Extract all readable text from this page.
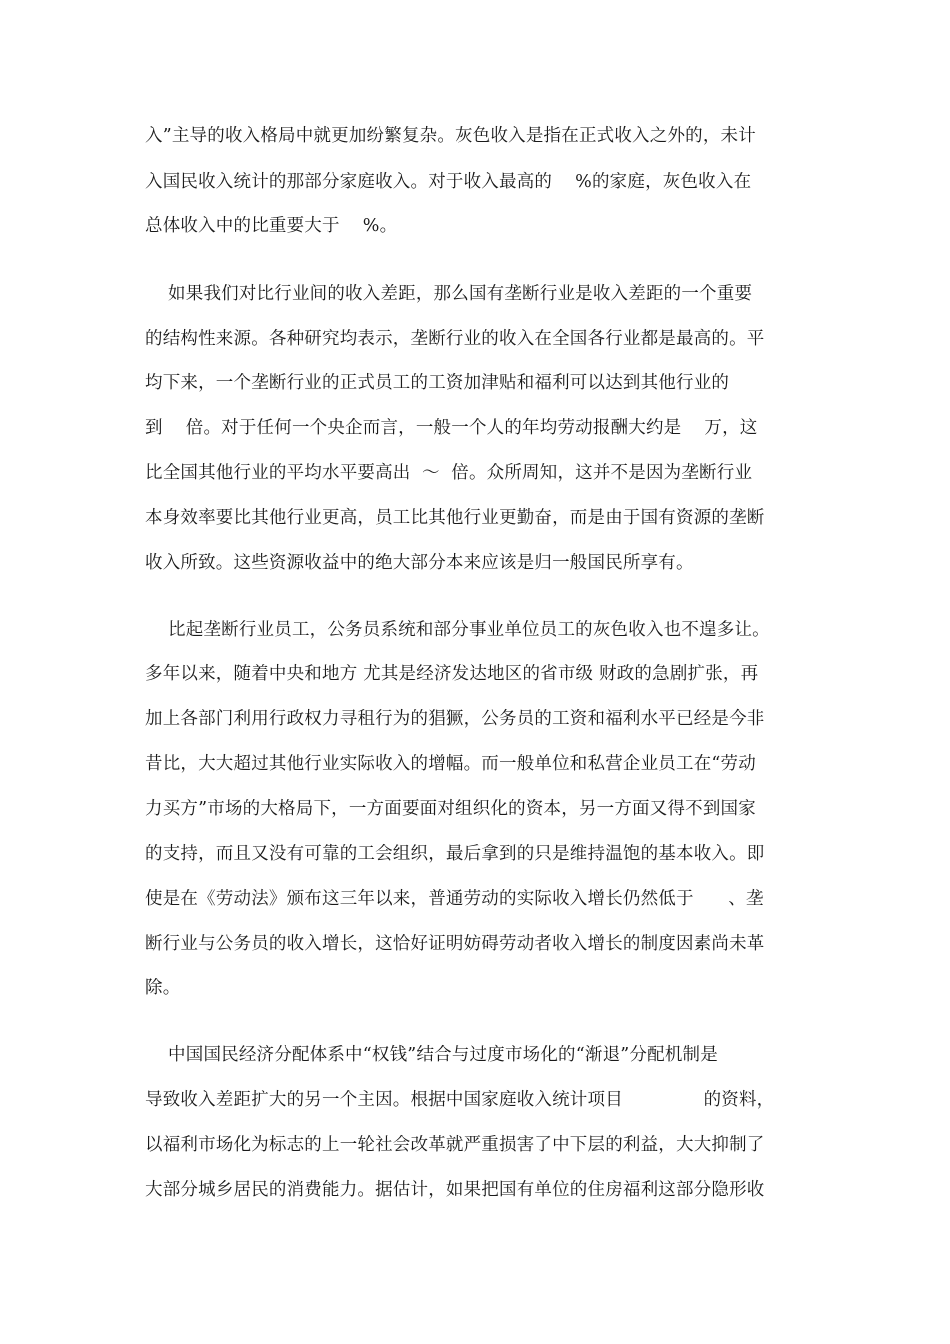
入”主导的收入格局中就更加纷繁复杂。灰色收入是指在正式收入之外的，未计
入国民收入统计的那部分家庭收入。对于收入最高的    %的家庭，灰色收入在
总体收入中的比重要大于    %。
如果我们对比行业间的收入差距，那么国有垄断行业是收入差距的一个重要
的结构性来源。各种研究均表示，垄断行业的收入在全国各行业都是最高的。平
均下来，一个垄断行业的正式员工的工资加津贴和福利可以达到其他行业的
到    倍。对于任何一个央企而言，一般一个人的年均劳动报酬大约是    万，这
比全国其他行业的平均水平要高出  ～  倍。众所周知，这并不是因为垄断行业
本身效率要比其他行业更高，员工比其他行业更勤奋，而是由于国有资源的垄断
收入所致。这些资源收益中的绝大部分本来应该是归一般国民所享有。
比起垄断行业员工，公务员系统和部分事业单位员工的灰色收入也不遑多让。
多年以来，随着中央和地方 尤其是经济发达地区的省市级 财政的急剧扩张，再
加上各部门利用行政权力寻租行为的猖獗，公务员的工资和福利水平已经是今非
昔比，大大超过其他行业实际收入的增幅。而一般单位和私营企业员工在“劳动
力买方”市场的大格局下，一方面要面对组织化的资本，另一方面又得不到国家
的支持，而且又没有可靠的工会组织，最后拿到的只是维持温饱的基本收入。即
使是在《劳动法》颁布这三年以来，普通劳动的实际收入增长仍然低于      、垄
断行业与公务员的收入增长，这恰好证明妨碍劳动者收入增长的制度因素尚未革
除。
中国国民经济分配体系中“权钱”结合与过度市场化的“渐退”分配机制是
导致收入差距扩大的另一个主因。根据中国家庭收入统计项目              的资料，
以福利市场化为标志的上一轮社会改革就严重损害了中下层的利益，大大抑制了
大部分城乡居民的消费能力。据估计，如果把国有单位的住房福利这部分隐形收
